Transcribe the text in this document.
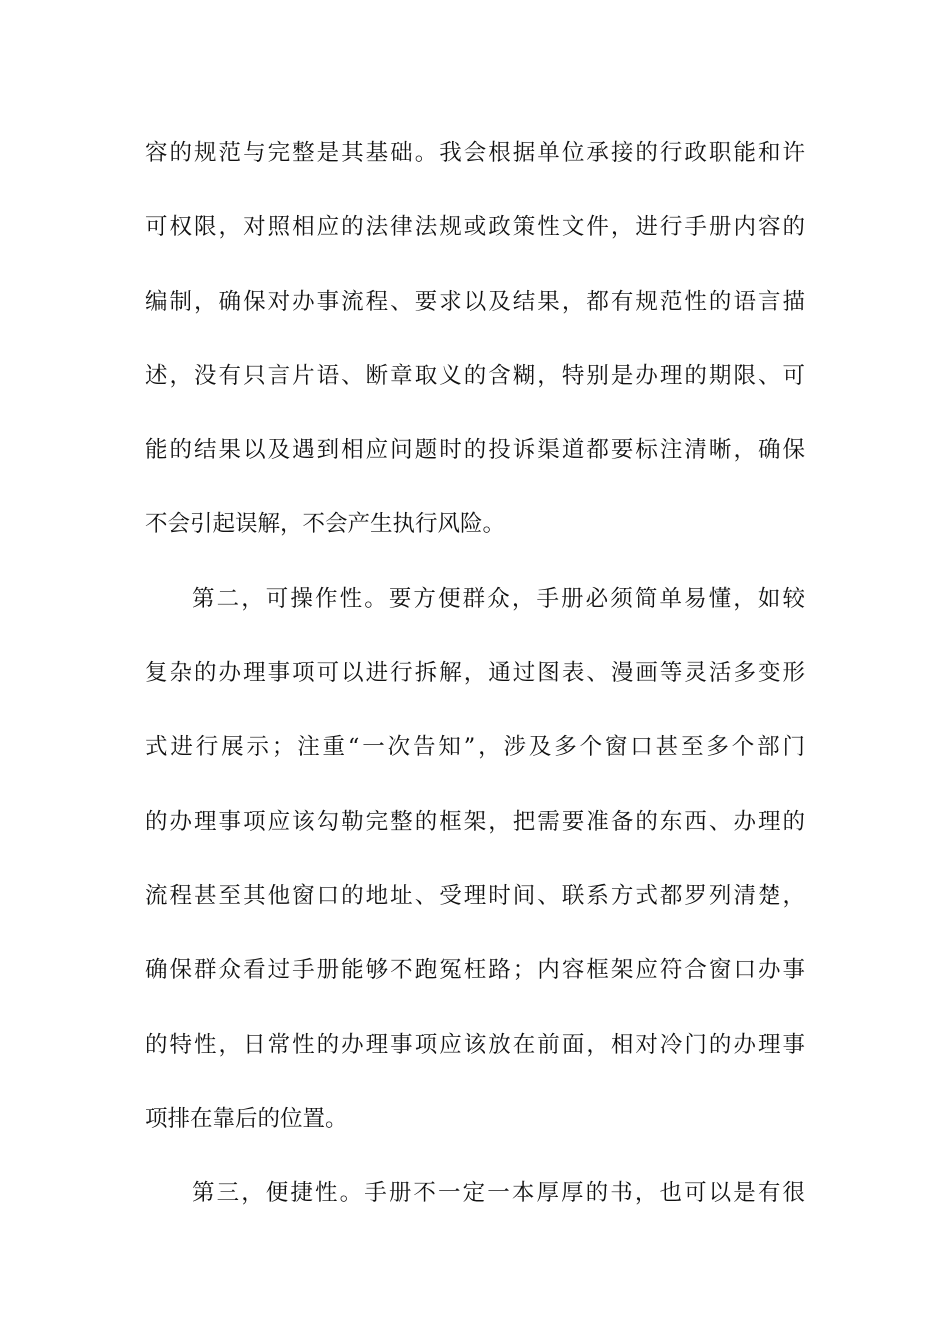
容的规范与完整是其基础。我会根据单位承接的行政职能和许
可权限，对照相应的法律法规或政策性文件，进行手册内容的
编制，确保对办事流程、要求以及结果，都有规范性的语言描
述，没有只言片语、断章取义的含糊，特别是办理的期限、可
能的结果以及遇到相应问题时的投诉渠道都要标注清晰，确保
不会引起误解，不会产生执行风险。
第二，可操作性。要方便群众，手册必须简单易懂，如较
复杂的办理事项可以进行拆解，通过图表、漫画等灵活多变形
式进行展示；注重“一次告知”，涉及多个窗口甚至多个部门
的办理事项应该勾勒完整的框架，把需要准备的东西、办理的
流程甚至其他窗口的地址、受理时间、联系方式都罗列清楚，
确保群众看过手册能够不跑冤枉路；内容框架应符合窗口办事
的特性，日常性的办理事项应该放在前面，相对冷门的办理事
项排在靠后的位置。
第三，便捷性。手册不一定一本厚厚的书，也可以是有很
